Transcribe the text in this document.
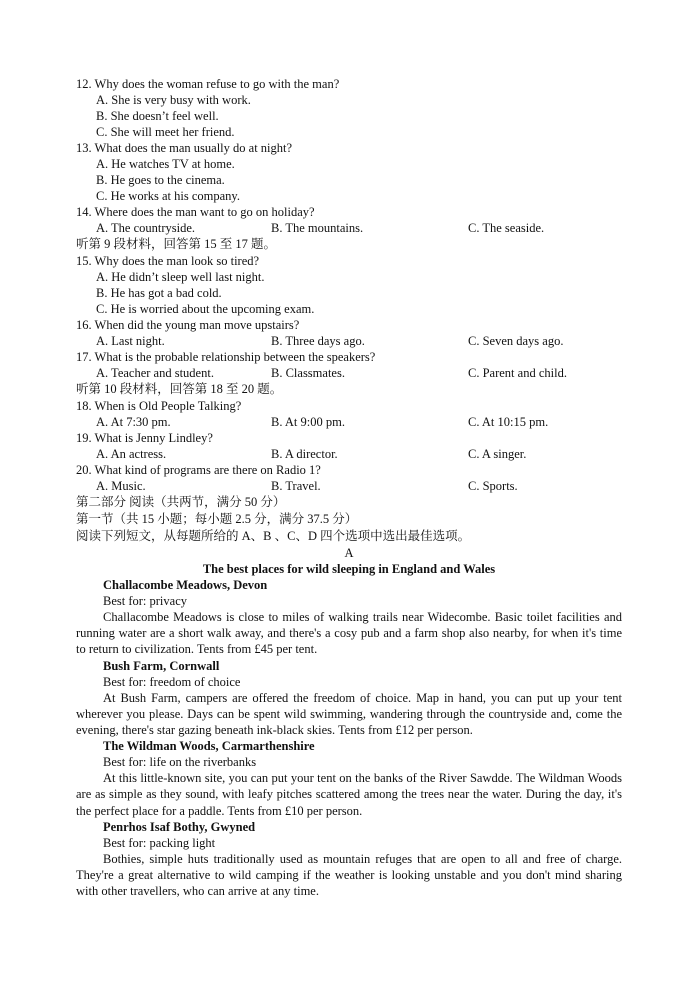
12. Why does the woman refuse to go with the man?
A. She is very busy with work.
B. She doesn’t feel well.
C. She will meet her friend.
13. What does the man usually do at night?
A. He watches TV at home.
B. He goes to the cinema.
C. He works at his company.
14. Where does the man want to go on holiday?
A. The countryside.	B. The mountains.	C. The seaside.
听第 9 段材料，回答第 15 至 17 题。
15. Why does the man look so tired?
A. He didn’t sleep well last night.
B. He has got a bad cold.
C. He is worried about the upcoming exam.
16. When did the young man move upstairs?
A. Last night.	B. Three days ago.	C. Seven days ago.
17. What is the probable relationship between the speakers?
A. Teacher and student.	B. Classmates.	C. Parent and child.
听第 10 段材料，回答第 18 至 20 题。
18. When is Old People Talking?
A. At 7:30 pm.	B. At 9:00 pm.	C. At 10:15 pm.
19. What is Jenny Lindley?
A. An actress.	B. A director.	C. A singer.
20. What kind of programs are there on Radio 1?
A. Music.	B. Travel.	C. Sports.
第二部分 阅读（共两节，满分 50 分）
第一节（共 15 小题；每小题 2.5 分，满分 37.5 分）
阅读下列短文，从每题所给的 A、B 、C、D 四个选项中选出最佳选项。
A
The best places for wild sleeping in England and Wales
Challacombe Meadows, Devon
Best for: privacy

Challacombe Meadows is close to miles of walking trails near Widecombe. Basic toilet facilities and running water are a short walk away, and there's a cosy pub and a farm shop also nearby, for when it's time to return to civilization. Tents from £45 per tent.

Bush Farm, Cornwall
Best for: freedom of choice

At Bush Farm, campers are offered the freedom of choice. Map in hand, you can put up your tent wherever you please. Days can be spent wild swimming, wandering through the countryside and, come the evening, there's star gazing beneath ink-black skies. Tents from £12 per person.

The Wildman Woods, Carmarthenshire
Best for: life on the riverbanks

At this little-known site, you can put your tent on the banks of the River Sawdde. The Wildman Woods are as simple as they sound, with leafy pitches scattered among the trees near the water. During the day, it's the perfect place for a paddle. Tents from £10 per person.

Penrhos Isaf Bothy, Gwyned
Best for: packing light

Bothies, simple huts traditionally used as mountain refuges that are open to all and free of charge. They're a great alternative to wild camping if the weather is looking unstable and you don't mind sharing with other travellers, who can arrive at any time.
